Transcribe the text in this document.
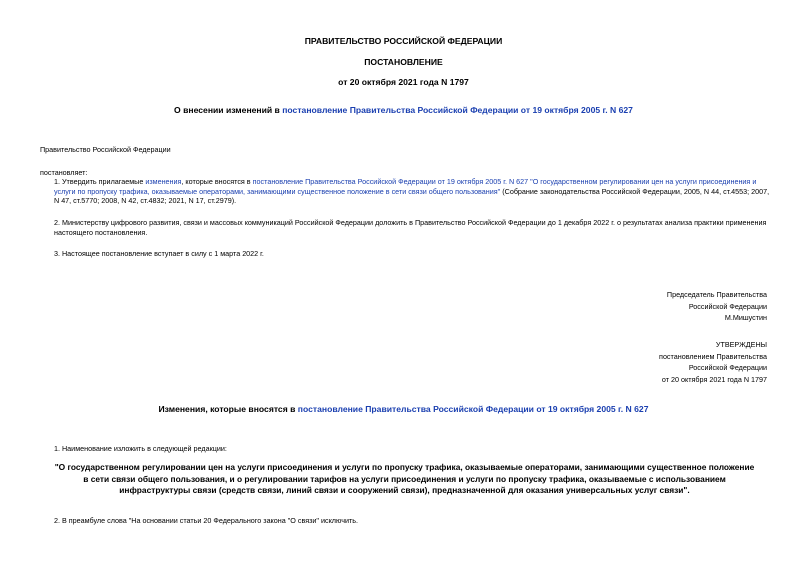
ПРАВИТЕЛЬСТВО РОССИЙСКОЙ ФЕДЕРАЦИИ
ПОСТАНОВЛЕНИЕ
от 20 октября 2021 года N 1797
О внесении изменений в постановление Правительства Российской Федерации от 19 октября 2005 г. N 627
Правительство Российской Федерации
постановляет:
1. Утвердить прилагаемые изменения, которые вносятся в постановление Правительства Российской Федерации от 19 октября 2005 г. N 627 "О государственном регулировании цен на услуги присоединения и услуги по пропуску трафика, оказываемые операторами, занимающими существенное положение в сети связи общего пользования" (Собрание законодательства Российской Федерации, 2005, N 44, ст.4553; 2007, N 47, ст.5770; 2008, N 42, ст.4832; 2021, N 17, ст.2979).
2. Министерству цифрового развития, связи и массовых коммуникаций Российской Федерации доложить в Правительство Российской Федерации до 1 декабря 2022 г. о результатах анализа практики применения настоящего постановления.
3. Настоящее постановление вступает в силу с 1 марта 2022 г.
Председатель Правительства
Российской Федерации
М.Мишустин
УТВЕРЖДЕНЫ
постановлением Правительства
Российской Федерации
от 20 октября 2021 года N 1797
Изменения, которые вносятся в постановление Правительства Российской Федерации от 19 октября 2005 г. N 627
1. Наименование изложить в следующей редакции:
"О государственном регулировании цен на услуги присоединения и услуги по пропуску трафика, оказываемые операторами, занимающими существенное положение в сети связи общего пользования, и о регулировании тарифов на услуги присоединения и услуги по пропуску трафика, оказываемые с использованием инфраструктуры связи (средств связи, линий связи и сооружений связи), предназначенной для оказания универсальных услуг связи".
2. В преамбуле слова "На основании статьи 20 Федерального закона "О связи" исключить.
